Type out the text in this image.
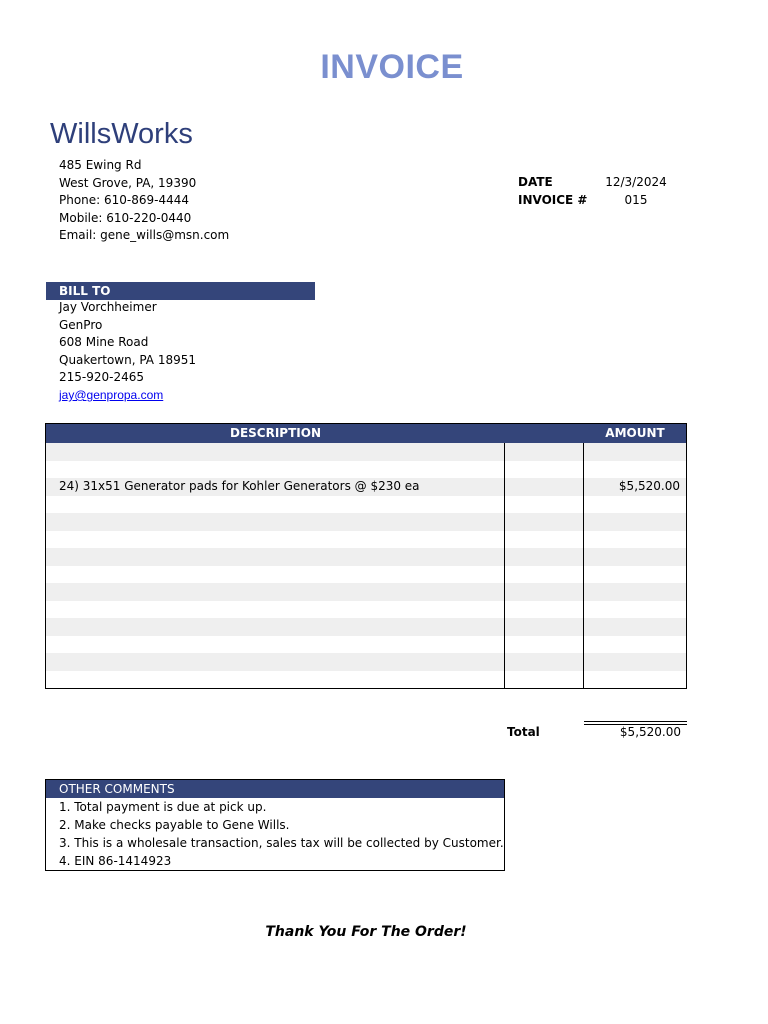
INVOICE
WillsWorks
485 Ewing Rd
West Grove, PA, 19390
Phone: 610-869-4444
Mobile: 610-220-0440
Email: gene_wills@msn.com
DATE	12/3/2024
INVOICE #	015
BILL TO
Jay Vorchheimer
GenPro
608 Mine Road
Quakertown, PA 18951
215-920-2465
jay@genpropa.com
DESCRIPTION	AMOUNT
24) 31x51 Generator pads for Kohler Generators @ $230 ea	$5,520.00
Total	$5,520.00
OTHER COMMENTS
1. Total payment is due at pick up.
2. Make checks payable to Gene Wills.
3. This is a wholesale transaction, sales tax will be collected by Customer.
4. EIN 86-1414923
Thank You For The Order!
